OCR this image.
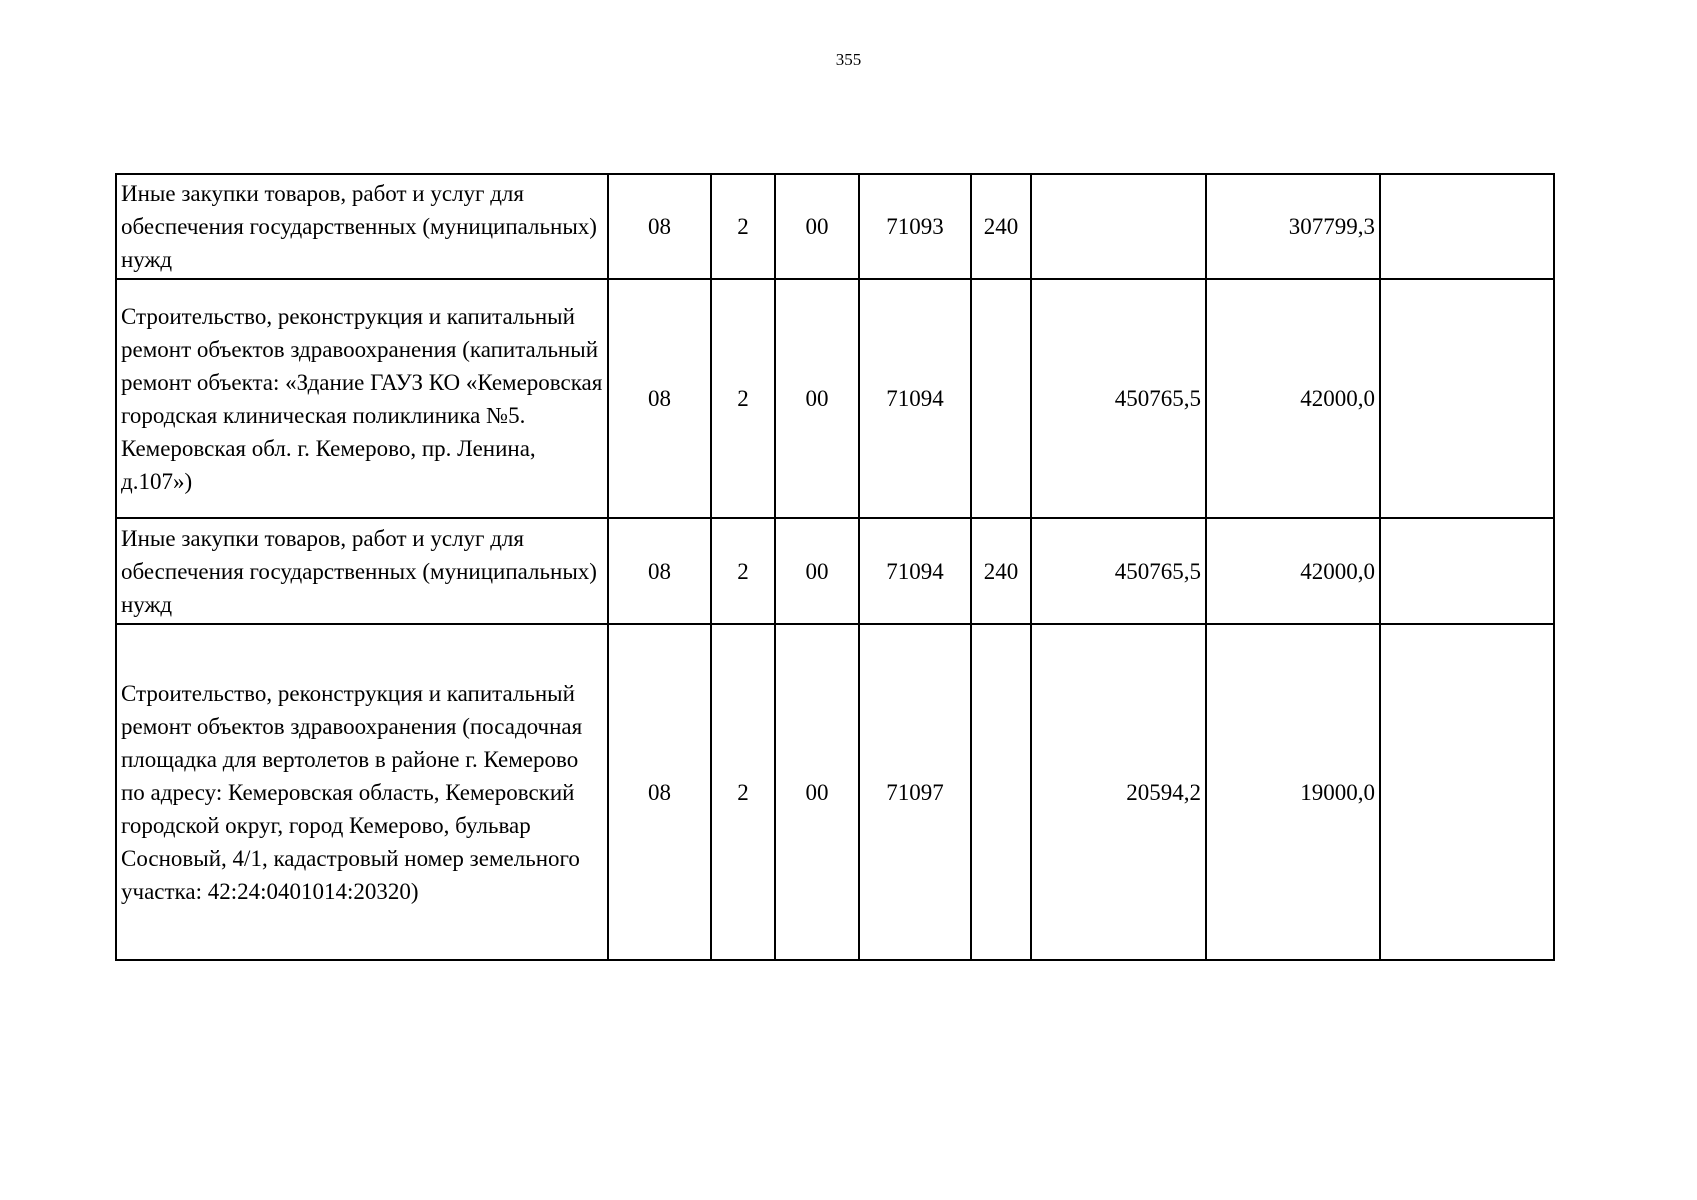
355
Иные закупки товаров, работ и услуг для обеспечения государственных (муниципальных) нужд	08	2	00	71093	240		307799,3	
Строительство, реконструкция и капитальный ремонт объектов здравоохранения (капитальный ремонт объекта: «Здание ГАУЗ КО «Кемеровская городская клиническая поликлиника №5. Кемеровская обл. г. Кемерово, пр. Ленина, д.107»)	08	2	00	71094		450765,5	42000,0	
Иные закупки товаров, работ и услуг для обеспечения государственных (муниципальных) нужд	08	2	00	71094	240	450765,5	42000,0	
Строительство, реконструкция и капитальный ремонт объектов здравоохранения (посадочная площадка для вертолетов в районе г. Кемерово по адресу: Кемеровская область, Кемеровский городской округ, город Кемерово, бульвар Сосновый, 4/1, кадастровый номер земельного участка: 42:24:0401014:20320)	08	2	00	71097		20594,2	19000,0	
